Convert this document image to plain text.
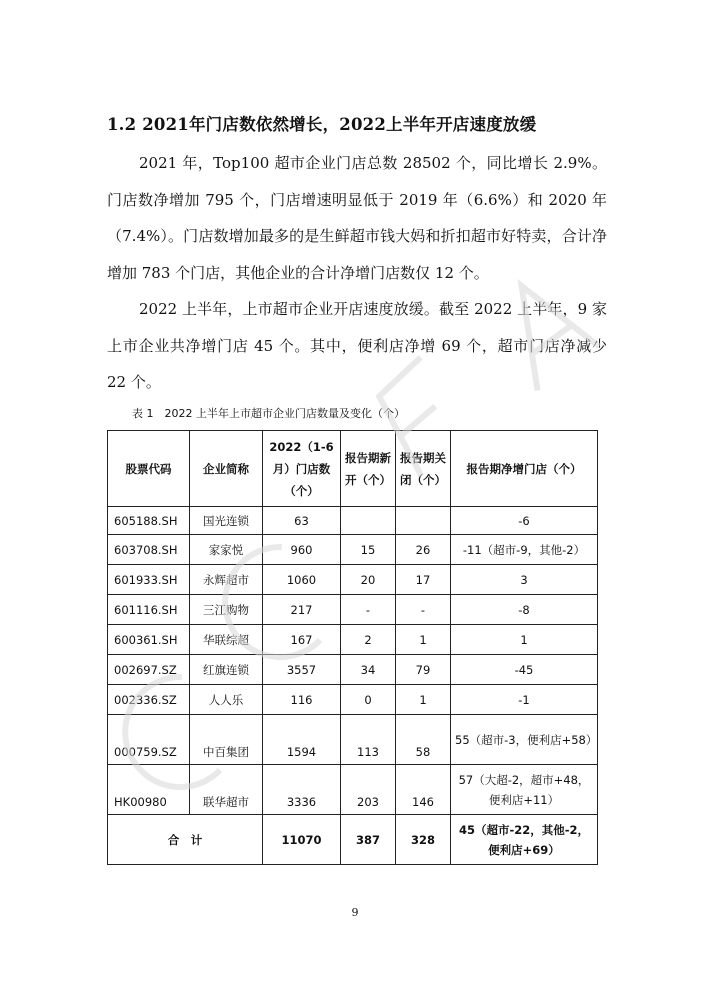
1.2 2021年门店数依然增长，2022上半年开店速度放缓
2021 年，Top100 超市企业门店总数 28502 个，同比增长 2.9%。门店数净增加 795 个，门店增速明显低于 2019 年（6.6%）和 2020 年（7.4%）。门店数增加最多的是生鲜超市钱大妈和折扣超市好特卖，合计净增加 783 个门店，其他企业的合计净增门店数仅 12 个。
2022 上半年，上市超市企业开店速度放缓。截至 2022 上半年，9 家上市企业共净增门店 45 个。其中，便利店净增 69 个，超市门店净减少 22 个。
表 1　2022 上半年上市超市企业门店数量及变化（个）
股票代码	企业简称	2022（1-6月）门店数（个）	报告期新开（个）	报告期关闭（个）	报告期净增门店（个）
605188.SH	国光连锁	63			-6
603708.SH	家家悦	960	15	26	-11（超市-9，其他-2）
601933.SH	永辉超市	1060	20	17	3
601116.SH	三江购物	217	-	-	-8
600361.SH	华联综超	167	2	1	1
002697.SZ	红旗连锁	3557	34	79	-45
002336.SZ	人人乐	116	0	1	-1
000759.SZ	中百集团	1594	113	58	55（超市-3，便利店+58）
HK00980	联华超市	3336	203	146	57（大超-2，超市+48，便利店+11）
合　计		11070	387	328	45（超市-22，其他-2，便利店+69）
9
